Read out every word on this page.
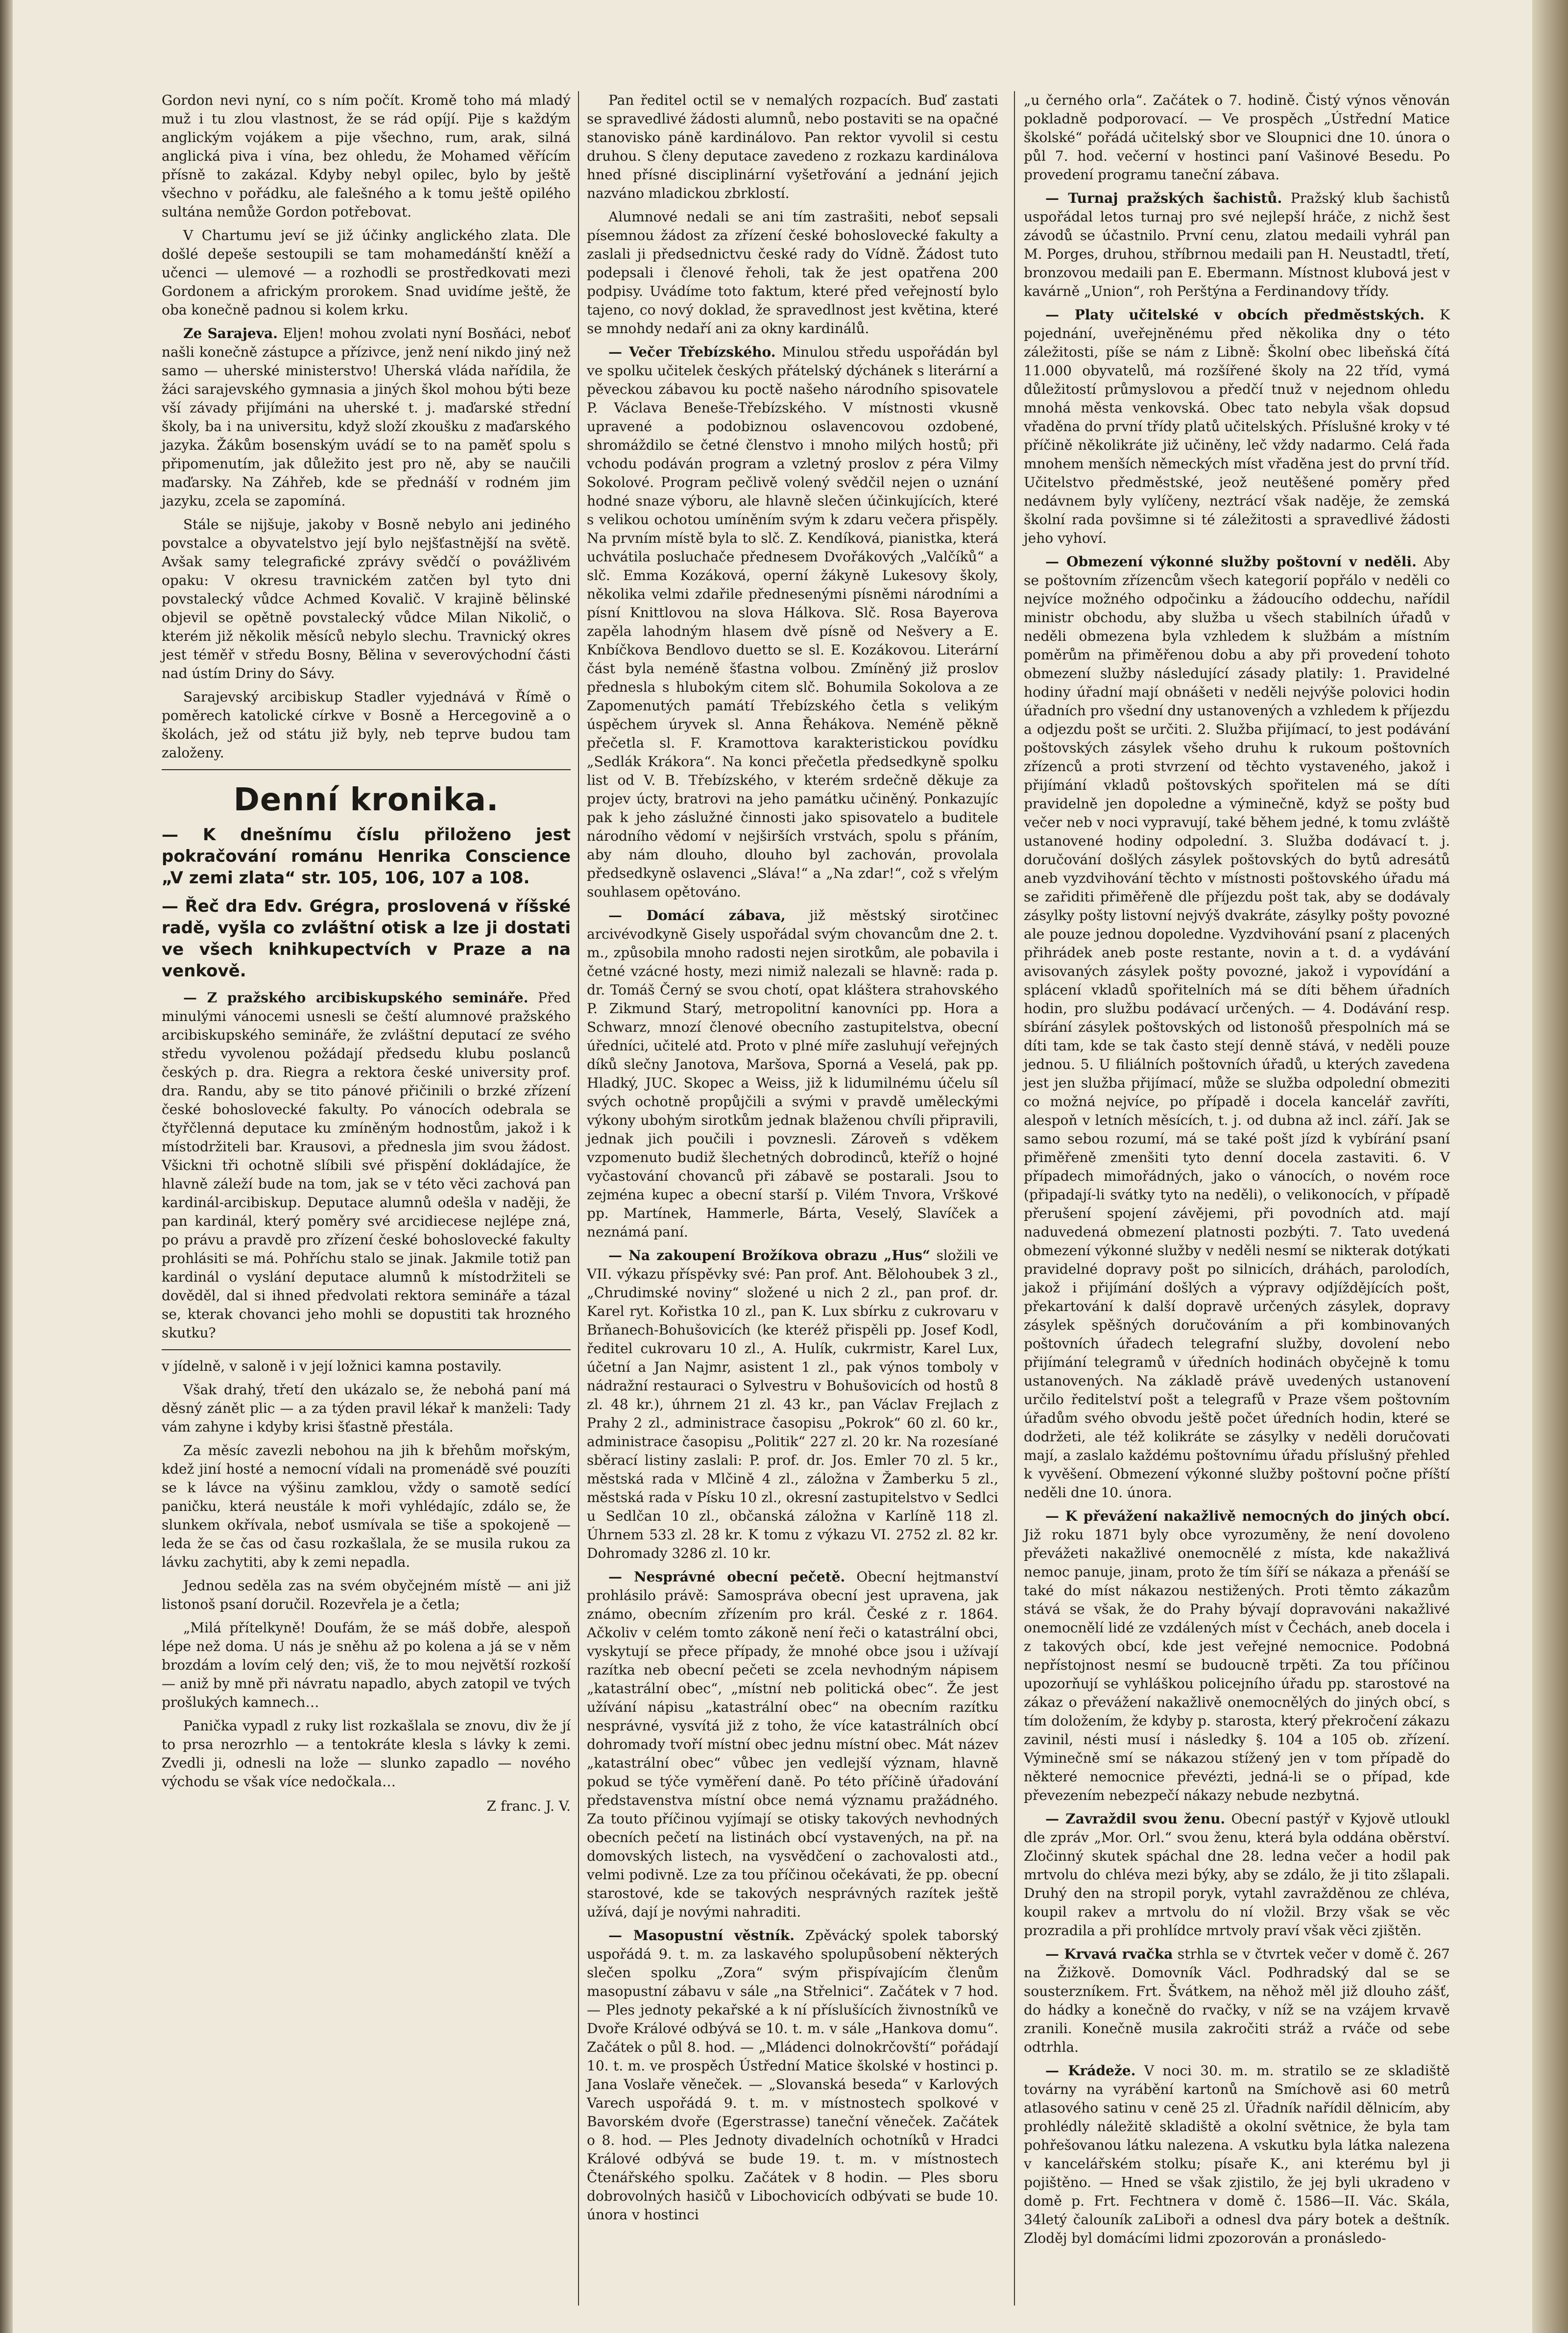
Gordon nevi nyní, co s ním počít. Kromě toho má mladý muž i tu zlou vlastnost, že se rád opíjí. Pije s každým anglickým vojákem a pije všechno, rum, arak, silná anglická piva i vína, bez ohledu, že Mohamed věřícím přísně to zakázal. Kdyby nebyl opilec, bylo by ještě všechno v pořádku, ale falešného a k tomu ještě opilého sultána nemůže Gordon potřebovat.

V Chartumu jeví se již účinky anglického zlata. Dle došlé depeše sestoupili se tam mohamedánští kněží a učenci — ulemové — a rozhodli se prostředkovati mezi Gordonem a africkým prorokem. Snad uvidíme ještě, že oba konečně padnou si kolem krku.

Ze Sarajeva. Eljen! mohou zvolati nyní Bosňáci, neboť našli konečně zástupce a přízivce, jenž není nikdo jiný než samo — uherské ministerstvo! Uherská vláda nařídila, že žáci sarajevského gymnasia a jiných škol mohou býti beze vší závady přijímáni na uherské t. j. maďarské střední školy, ba i na universitu, když složí zkoušku z maďarského jazyka. Žákům bosenským uvádí se to na paměť spolu s připomenutím, jak důležito jest pro ně, aby se naučili maďarsky. Na Záhřeb, kde se přednáší v rodném jim jazyku, zcela se zapomíná.

Stále se nijšuje, jakoby v Bosně nebylo ani jediného povstalce a obyvatelstvo její bylo nejšťastnější na světě. Avšak samy telegrafické zprávy svědčí o povážlivém opaku: V okresu travnickém zatčen byl tyto dni povstalecký vůdce Achmed Kovalič. V krajině bělinské objevil se opětně povstalecký vůdce Milan Nikolič, o kterém již několik měsíců nebylo slechu. Travnický okres jest téměř v středu Bosny, Bělina v severovýchodní části nad ústím Driny do Sávy.

Sarajevský arcibiskup Stadler vyjednává v Římě o poměrech katolické církve v Bosně a Hercegovině a o školách, jež od státu již byly, neb teprve budou tam založeny.

Denní kronika.
— K dnešnímu číslu přiloženo jest pokračování románu Henrika Conscience „V zemi zlata“ str. 105, 106, 107 a 108.
— Řeč dra Edv. Grégra, proslovená v říšské radě, vyšla co zvláštní otisk a lze ji dostati ve všech knihkupectvích v Praze a na venkově.

— Z pražského arcibiskupského semináře. Před minulými vánocemi usnesli se čeští alumnové pražského arcibiskupského semináře, že zvláštní deputací ze svého středu vyvolenou požádají předsedu klubu poslanců českých p. dra. Riegra a rektora české university prof. dra. Randu, aby se tito pánové přičinili o brzké zřízení české bohoslovecké fakulty. Po vánocích odebrala se čtyřčlenná deputace ku zmíněným hodnostům, jakož i k místodržiteli bar. Krausovi, a přednesla jim svou žádost. Všickni tři ochotně slíbili své přispění dokládajíce, že hlavně záleží bude na tom, jak se v této věci zachová pan kardinál-arcibiskup. Deputace alumnů odešla v naději, že pan kardinál, který poměry své arcidiecese nejlépe zná, po právu a pravdě pro zřízení české bohoslovecké fakulty prohlásiti se má. Pohříchu stalo se jinak. Jakmile totiž pan kardinál o vyslání deputace alumnů k místodržiteli se dověděl, dal si ihned předvolati rektora semináře a tázal se, kterak chovanci jeho mohli se dopustiti tak hrozného skutku?

v jídelně, v saloně i v její ložnici kamna postavily.

Však drahý, třetí den ukázalo se, že nebohá paní má děsný zánět plic — a za týden pravil lékař k manželi: Tady vám zahyne i kdyby krisi šťastně přestála.

Za měsíc zavezli nebohou na jih k břehům mořským, kdež jiní hosté a nemocní vídali na promenádě své pouzíti se k lávce na výšinu zamklou, vždy o samotě sedící paničku, která neustále k moři vyhlédajíc, zdálo se, že slunkem okřívala, neboť usmívala se tiše a spokojeně — leda že se čas od času rozkašlala, že se musila rukou za lávku zachytiti, aby k zemi nepadla.

Jednou seděla zas na svém obyčejném místě — ani již listonoš psaní doručil. Rozevřela je a četla;

„Milá přítelkyně! Doufám, že se máš dobře, alespoň lépe než doma. U nás je sněhu až po kolena a já se v něm brozdám a lovím celý den; viš, že to mou největší rozkoší — aniž by mně při návratu napadlo, abych zatopil ve tvých prošlukých kamnech…

Panička vypadl z ruky list rozkašlala se znovu, div že jí to prsa nerozrhlo — a tentokráte klesla s lávky k zemi. Zvedli ji, odnesli na lože — slunko zapadlo — nového východu se však více nedočkala…

Z franc. J. V.

Pan ředitel octil se v nemalých rozpacích. Buď zastati se spravedlivé žádosti alumnů, nebo postaviti se na opačné stanovisko páně kardinálovo. Pan rektor vyvolil si cestu druhou. S členy deputace zavedeno z rozkazu kardinálova hned přísné disciplinární vyšetřování a jednání jejich nazváno mladickou zbrklostí.

Alumnové nedali se ani tím zastrašiti, neboť sepsali písemnou žádost za zřízení české bohoslovecké fakulty a zaslali ji předsednictvu české rady do Vídně. Žádost tuto podepsali i členové řeholi, tak že jest opatřena 200 podpisy. Uvádíme toto faktum, které před veřejností bylo tajeno, co nový doklad, že spravedlnost jest květina, které se mnohdy nedaří ani za okny kardinálů.

— Večer Třebízského. Minulou středu uspořádán byl ve spolku učitelek českých přátelský dýchánek s literární a pěveckou zábavou ku poctě našeho národního spisovatele P. Václava Beneše-Třebízského. V místnosti vkusně upravené a podobiznou oslavencovou ozdobené, shromáždilo se četné členstvo i mnoho milých hostů; při vchodu podáván program a vzletný proslov z péra Vilmy Sokolové. Program pečlivě volený svědčil nejen o uznání hodné snaze výboru, ale hlavně slečen účinkujících, které s velikou ochotou umíněním svým k zdaru večera přispěly. Na prvním místě byla to slč. Z. Kendíková, pianistka, která uchvátila posluchače přednesem Dvořákových „Valčíků“ a slč. Emma Kozáková, operní žákyně Lukesovy školy, několika velmi zdařile přednesenými písněmi národními a písní Knittlovou na slova Hálkova. Slč. Rosa Bayerova zapěla lahodným hlasem dvě písně od Nešvery a E. Knbíčkova Bendlovo duetto se sl. E. Kozákovou. Literární část byla neméně šťastna volbou. Zmíněný již proslov přednesla s hlubokým citem slč. Bohumila Sokolova a ze Zapomenutých památí Třebízského četla s velikým úspěchem úryvek sl. Anna Řehákova. Neméně pěkně přečetla sl. F. Kramottova karakteristickou povídku „Sedlák Krákora“. Na konci přečetla předsedkyně spolku list od V. B. Třebízského, v kterém srdečně děkuje za projev úcty, bratrovi na jeho památku učiněný. Ponkazujíc pak k jeho záslužné činnosti jako spisovatelo a buditele národního vědomí v nejširších vrstvách, spolu s přáním, aby nám dlouho, dlouho byl zachován, provolala předsedkyně oslavenci „Sláva!“ a „Na zdar!“, což s vřelým souhlasem opětováno.

— Domácí zábava, již městský sirotčinec arcivévodkyně Gisely uspořádal svým chovancům dne 2. t. m., způsobila mnoho radosti nejen sirotkům, ale pobavila i četné vzácné hosty, mezi nimiž nalezali se hlavně: rada p. dr. Tomáš Černý se svou chotí, opat kláštera strahovského P. Zikmund Starý, metropolitní kanovníci pp. Hora a Schwarz, mnozí členové obecního zastupitelstva, obecní úředníci, učitelé atd. Proto v plné míře zasluhují veřejných díků slečny Janotova, Maršova, Sporná a Veselá, pak pp. Hladký, JUC. Skopec a Weiss, již k lidumilnému účelu síl svých ochotně propůjčili a svými v pravdě uměleckými výkony ubohým sirotkům jednak blaženou chvíli připravili, jednak jich poučili i povznesli. Zároveň s vděkem vzpomenuto budiž šlechetných dobrodinců, kteříž o hojné vyčastování chovanců při zábavě se postarali. Jsou to zejména kupec a obecní starší p. Vilém Tnvora, Vrškové pp. Martínek, Hammerle, Bárta, Veselý, Slavíček a neznámá paní.

— Na zakoupení Brožíkova obrazu „Hus“ složili ve VII. výkazu příspěvky své: Pan prof. Ant. Bělohoubek 3 zl., „Chrudimské noviny“ složené u nich 2 zl., pan prof. dr. Karel ryt. Kořistka 10 zl., pan K. Lux sbírku z cukrovaru v Brňanech-Bohušovicích (ke kteréž přispěli pp. Josef Kodl, ředitel cukrovaru 10 zl., A. Hulík, cukrmistr, Karel Lux, účetní a Jan Najmr, asistent 1 zl., pak výnos tomboly v nádražní restauraci o Sylvestru v Bohušovicích od hostů 8 zl. 48 kr.), úhrnem 21 zl. 43 kr., pan Václav Frejlach z Prahy 2 zl., administrace časopisu „Pokrok“ 60 zl. 60 kr., administrace časopisu „Politik“ 227 zl. 20 kr. Na rozesíané sběrací listiny zaslali: P. prof. dr. Jos. Emler 70 zl. 5 kr., městská rada v Mlčině 4 zl., záložna v Žamberku 5 zl., městská rada v Písku 10 zl., okresní zastupitelstvo v Sedlci u Sedlčan 10 zl., občanská záložna v Karlíně 118 zl. Úhrnem 533 zl. 28 kr. K tomu z výkazu VI. 2752 zl. 82 kr. Dohromady 3286 zl. 10 kr.

— Nesprávné obecní pečetě. Obecní hejtmanství prohlásilo právě: Samospráva obecní jest upravena, jak známo, obecním zřízením pro král. České z r. 1864. Ačkoliv v celém tomto zákoně není řeči o katastrální obci, vyskytují se přece případy, že mnohé obce jsou i užívají razítka neb obecní pečeti se zcela nevhodným nápisem „katastrální obec“, „místní neb politická obec“. Že jest užívání nápisu „katastrální obec“ na obecním razítku nesprávné, vysvítá již z toho, že více katastrálních obcí dohromady tvoří místní obec jednu místní obec. Mát název „katastrální obec“ vůbec jen vedlejší význam, hlavně pokud se týče vyměření daně. Po této příčině úřadování představenstva místní obce nemá významu pražádného. Za touto příčinou vyjímají se otisky takových nevhodných obecních pečetí na listinách obcí vystavených, na př. na domovských listech, na vysvědčení o zachovalosti atd., velmi podivně. Lze za tou příčinou očekávati, že pp. obecní starostové, kde se takových nesprávných razítek ještě užívá, dají je novými nahraditi.

— Masopustní věstník. Zpěvácký spolek taborský uspořádá 9. t. m. za laskavého spolupůsobení některých slečen spolku „Zora“ svým přispívajícím členům masopustní zábavu v sále „na Střelnici“. Začátek v 7 hod. — Ples jednoty pekařské a k ní příslušících živnostníků ve Dvoře Králové odbývá se 10. t. m. v sále „Hankova domu“. Začátek o půl 8. hod. — „Mládenci dolnokrčovští“ pořádají 10. t. m. ve prospěch Ústřední Matice školské v hostinci p. Jana Voslaře věneček. — „Slovanská beseda“ v Karlových Varech uspořádá 9. t. m. v místnostech spolkové v Bavorském dvoře (Egerstrasse) taneční věneček. Začátek o 8. hod. — Ples Jednoty divadelních ochotníků v Hradci Králové odbývá se bude 19. t. m. v místnostech Čtenářského spolku. Začátek v 8 hodin. — Ples sboru dobrovolných hasičů v Libochovicích odbývati se bude 10. února v hostinci

„u černého orla“. Začátek o 7. hodině. Čistý výnos věnován pokladně podporovací. — Ve prospěch „Ústřední Matice školské“ pořádá učitelský sbor ve Sloupnici dne 10. února o půl 7. hod. večerní v hostinci paní Vašinové Besedu. Po provedení programu taneční zábava.

— Turnaj pražských šachistů. Pražský klub šachistů uspořádal letos turnaj pro své nejlepší hráče, z nichž šest závodů se účastnilo. První cenu, zlatou medaili vyhrál pan M. Porges, druhou, stříbrnou medaili pan H. Neustadtl, třetí, bronzovou medaili pan E. Ebermann. Místnost klubová jest v kavárně „Union“, roh Perštýna a Ferdinandovy třídy.

— Platy učitelské v obcích předměstských. K pojednání, uveřejněnému před několika dny o této záležitosti, píše se nám z Libně: Školní obec libeňská čítá 11.000 obyvatelů, má rozšířené školy na 22 tříd, vymá důležitostí průmyslovou a předčí tnuž v nejednom ohledu mnohá města venkovská. Obec tato nebyla však dopsud vřaděna do první třídy platů učitelských. Příslušné kroky v té příčině několikráte již učiněny, leč vždy nadarmo. Celá řada mnohem menších německých míst vřaděna jest do první tříd. Učitelstvo předměstské, jeož neutěšené poměry před nedávnem byly vylíčeny, neztrácí však naděje, že zemská školní rada povšimne si té záležitosti a spravedlivé žádosti jeho vyhoví.

— Obmezení výkonné služby poštovní v neděli. Aby se poštovním zřízencům všech kategorií popřálo v neděli co nejvíce možného odpočinku a žádoucího oddechu, nařídil ministr obchodu, aby služba u všech stabilních úřadů v neděli obmezena byla vzhledem k službám a místním poměrům na přiměřenou dobu a aby při provedení tohoto obmezení služby následující zásady platily: 1. Pravidelné hodiny úřadní mají obnášeti v neděli nejvýše polovici hodin úřadních pro všední dny ustanovených a vzhledem k příjezdu a odjezdu pošt se určiti. 2. Služba přijímací, to jest podávání poštovských zásylek všeho druhu k rukoum poštovních zřízenců a proti stvrzení od těchto vystaveného, jakož i přijímání vkladů poštovských spořitelen má se díti pravidelně jen dopoledne a výminečně, když se pošty bud večer neb v noci vypravují, také během jedné, k tomu zvláště ustanovené hodiny odpolední. 3. Služba dodávací t. j. doručování došlých zásylek poštovských do bytů adresátů aneb vyzdvihování těchto v místnosti poštovského úřadu má se zařiditi přiměřeně dle příjezdu pošt tak, aby se dodávaly zásylky pošty listovní nejvýš dvakráte, zásylky pošty povozné ale pouze jednou dopoledne. Vyzdvihování psaní z placených přihrádek aneb poste restante, novin a t. d. a vydávání avisovaných zásylek pošty povozné, jakož i vypovídání a splácení vkladů spořitelních má se díti během úřadních hodin, pro službu podávací určených. — 4. Dodávání resp. sbírání zásylek poštovských od listonošů přespolních má se díti tam, kde se tak často stejí denně stává, v neděli pouze jednou. 5. U filiálních poštovních úřadů, u kterých zavedena jest jen služba přijímací, může se služba odpolední obmeziti co možná nejvíce, po případě i docela kancelář zavříti, alespoň v letních měsících, t. j. od dubna až incl. září. Jak se samo sebou rozumí, má se také pošt jízd k vybírání psaní přiměřeně zmenšiti tyto denní docela zastaviti. 6. V případech mimořádných, jako o vánocích, o novém roce (připadají-li svátky tyto na neděli), o velikonocích, v případě přerušení spojení závějemi, při povodních atd. mají naduvedená obmezení platnosti pozbýti. 7. Tato uvedená obmezení výkonné služby v neděli nesmí se nikterak dotýkati pravidelné dopravy pošt po silnicích, dráhách, parolodích, jakož i přijímání došlých a výpravy odjíždějících pošt, překartování k další dopravě určených zásylek, dopravy zásylek spěšných doručováním a při kombinovaných poštovních úřadech telegrafní služby, dovolení nebo přijímání telegramů v úředních hodinách obyčejně k tomu ustanovených. Na základě právě uvedených ustanovení určilo ředitelství pošt a telegrafů v Praze všem poštovním úřadům svého obvodu ještě počet úředních hodin, které se dodržeti, ale též kolikráte se zásylky v neděli doručovati mají, a zaslalo každému poštovnímu úřadu příslušný přehled k vyvěšení. Obmezení výkonné služby poštovní počne příští neděli dne 10. února.

— K převážení nakažlivě nemocných do jiných obcí. Již roku 1871 byly obce vyrozuměny, že není dovoleno převážeti nakažlivé onemocnělé z místa, kde nakažlivá nemoc panuje, jinam, proto že tím šíří se nákaza a přenáší se také do míst nákazou nestižených. Proti těmto zákazům stává se však, že do Prahy bývají dopravováni nakažlivé onemocnělí lidé ze vzdálených míst v Čechách, aneb docela i z takových obcí, kde jest veřejné nemocnice. Podobná nepřístojnost nesmí se budoucně trpěti. Za tou příčinou upozorňují se vyhláškou policejního úřadu pp. starostové na zákaz o převážení nakažlivě onemocnělých do jiných obcí, s tím doložením, že kdyby p. starosta, který překročení zákazu zavinil, nésti musí i následky §. 104 a 105 ob. zřízení. Výminečně smí se nákazou stížený jen v tom případě do některé nemocnice převézti, jedná-li se o případ, kde převezením nebezpečí nákazy nebude nezbytná.

— Zavraždil svou ženu. Obecní pastýř v Kyjově utloukl dle zpráv „Mor. Orl.“ svou ženu, která byla oddána oběrství. Zločinný skutek spáchal dne 28. ledna večer a hodil pak mrtvolu do chléva mezi býky, aby se zdálo, že ji tito zšlapali. Druhý den na stropil poryk, vytahl zavražděnou ze chléva, koupil rakev a mrtvolu do ní vložil. Brzy však se věc prozradila a při prohlídce mrtvoly praví však věci zjištěn.

— Krvavá rvačka strhla se v čtvrtek večer v domě č. 267 na Žižkově. Domovník Václ. Podhradský dal se se sousterzníkem. Frt. Švátkem, na něhož měl již dlouho zášť, do hádky a konečně do rvačky, v níž se na vzájem krvavě zranili. Konečně musila zakročiti stráž a rváče od sebe odtrhla.

— Krádeže. V noci 30. m. m. stratilo se ze skladiště továrny na vyrábění kartonů na Smíchově asi 60 metrů atlasového satinu v ceně 25 zl. Úřadník nařídil dělnicím, aby prohlédly náležitě skladiště a okolní světnice, že byla tam pohřešovanou látku nalezena. A vskutku byla látka nalezena v kancelářském stolku; písaře K., ani kterému byl ji pojištěno. — Hned se však zjistilo, že jej byli ukradeno v domě p. Frt. Fechtnera v domě č. 1586—II. Vác. Skála, 34letý čalouník zaLiboři a odnesl dva páry botek a deštník. Zloděj byl domácími lidmi zpozorován a pronásledo-
